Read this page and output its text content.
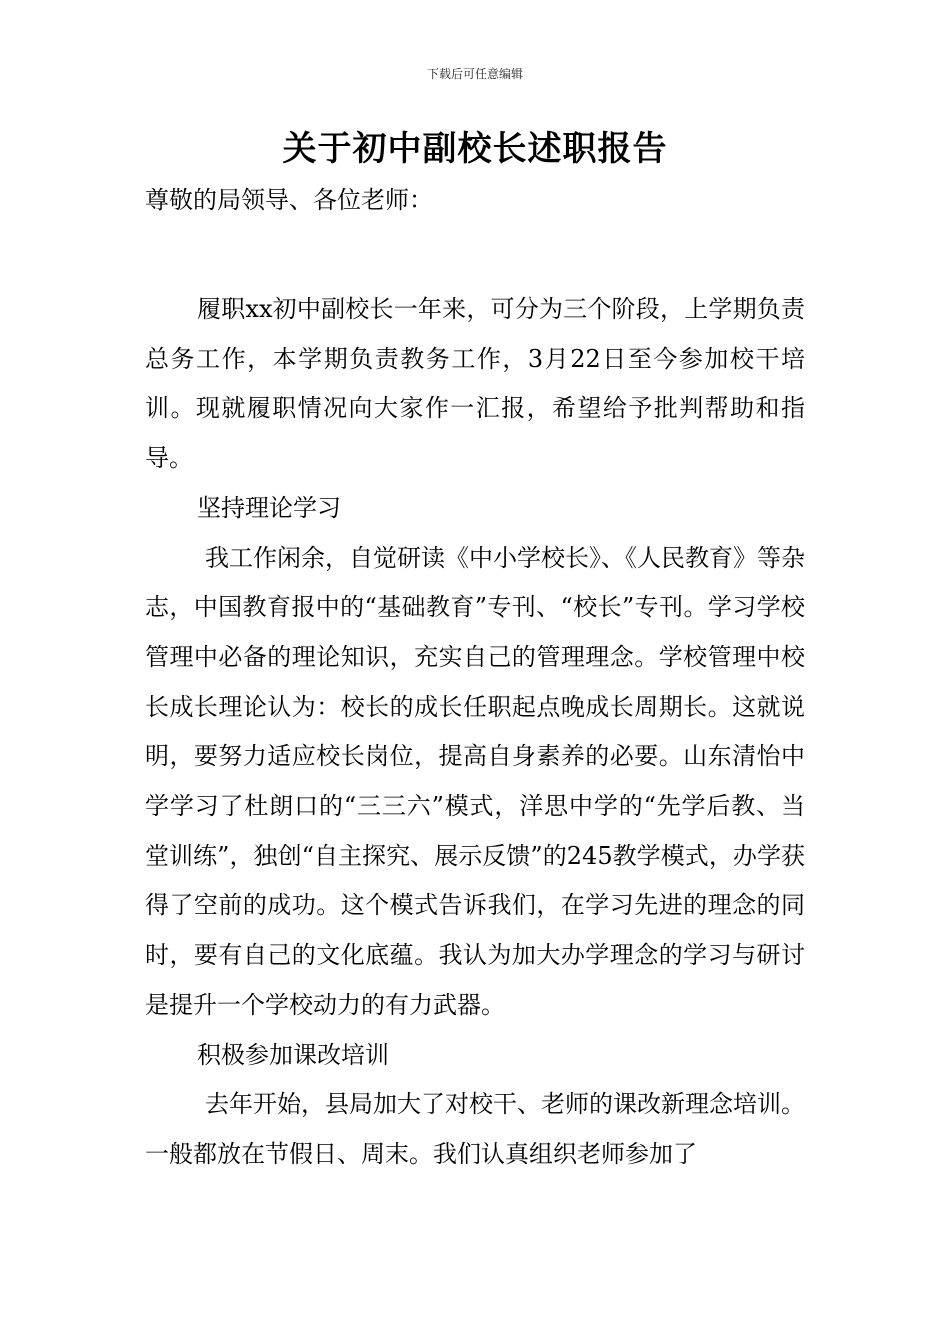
下载后可任意编辑
关于初中副校长述职报告
尊敬的局领导、各位老师：

履职xx初中副校长一年来，可分为三个阶段，上学期负责总务工作，本学期负责教务工作，3月22日至今参加校干培训。现就履职情况向大家作一汇报，希望给予批判帮助和指导。

坚持理论学习

我工作闲余，自觉研读《中小学校长》、《人民教育》等杂志，中国教育报中的“基础教育”专刊、“校长”专刊。学习学校管理中必备的理论知识，充实自己的管理理念。学校管理中校长成长理论认为：校长的成长任职起点晚成长周期长。这就说明，要努力适应校长岗位，提高自身素养的必要。山东清怡中学学习了杜朗口的“三三六”模式，洋思中学的“先学后教、当堂训练”，独创“自主探究、展示反馈”的245教学模式，办学获得了空前的成功。这个模式告诉我们，在学习先进的理念的同时，要有自己的文化底蕴。我认为加大办学理念的学习与研讨是提升一个学校动力的有力武器。

积极参加课改培训

去年开始，县局加大了对校干、老师的课改新理念培训。一般都放在节假日、周末。我们认真组织老师参加了
